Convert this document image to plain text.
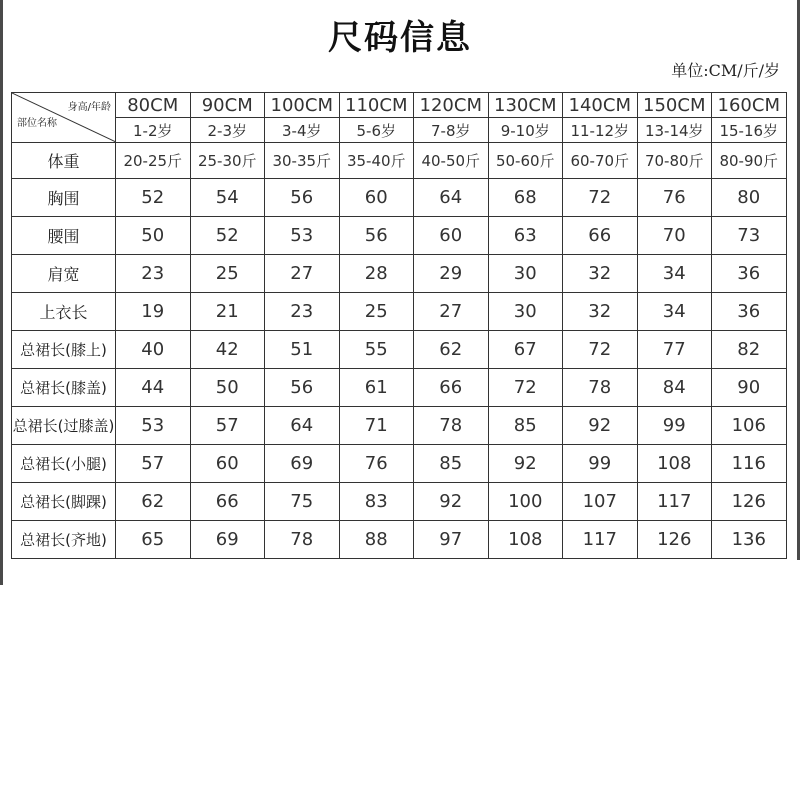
尺码信息
单位:CM/斤/岁
身高/年龄
部位名称	80CM	90CM	100CM	110CM	120CM	130CM	140CM	150CM	160CM
	1-2岁	2-3岁	3-4岁	5-6岁	7-8岁	9-10岁	11-12岁	13-14岁	15-16岁
体重	20-25斤	25-30斤	30-35斤	35-40斤	40-50斤	50-60斤	60-70斤	70-80斤	80-90斤
胸围	52	54	56	60	64	68	72	76	80
腰围	50	52	53	56	60	63	66	70	73
肩宽	23	25	27	28	29	30	32	34	36
上衣长	19	21	23	25	27	30	32	34	36
总裙长(膝上)	40	42	51	55	62	67	72	77	82
总裙长(膝盖)	44	50	56	61	66	72	78	84	90
总裙长(过膝盖)	53	57	64	71	78	85	92	99	106
总裙长(小腿)	57	60	69	76	85	92	99	108	116
总裙长(脚踝)	62	66	75	83	92	100	107	117	126
总裙长(齐地)	65	69	78	88	97	108	117	126	136
